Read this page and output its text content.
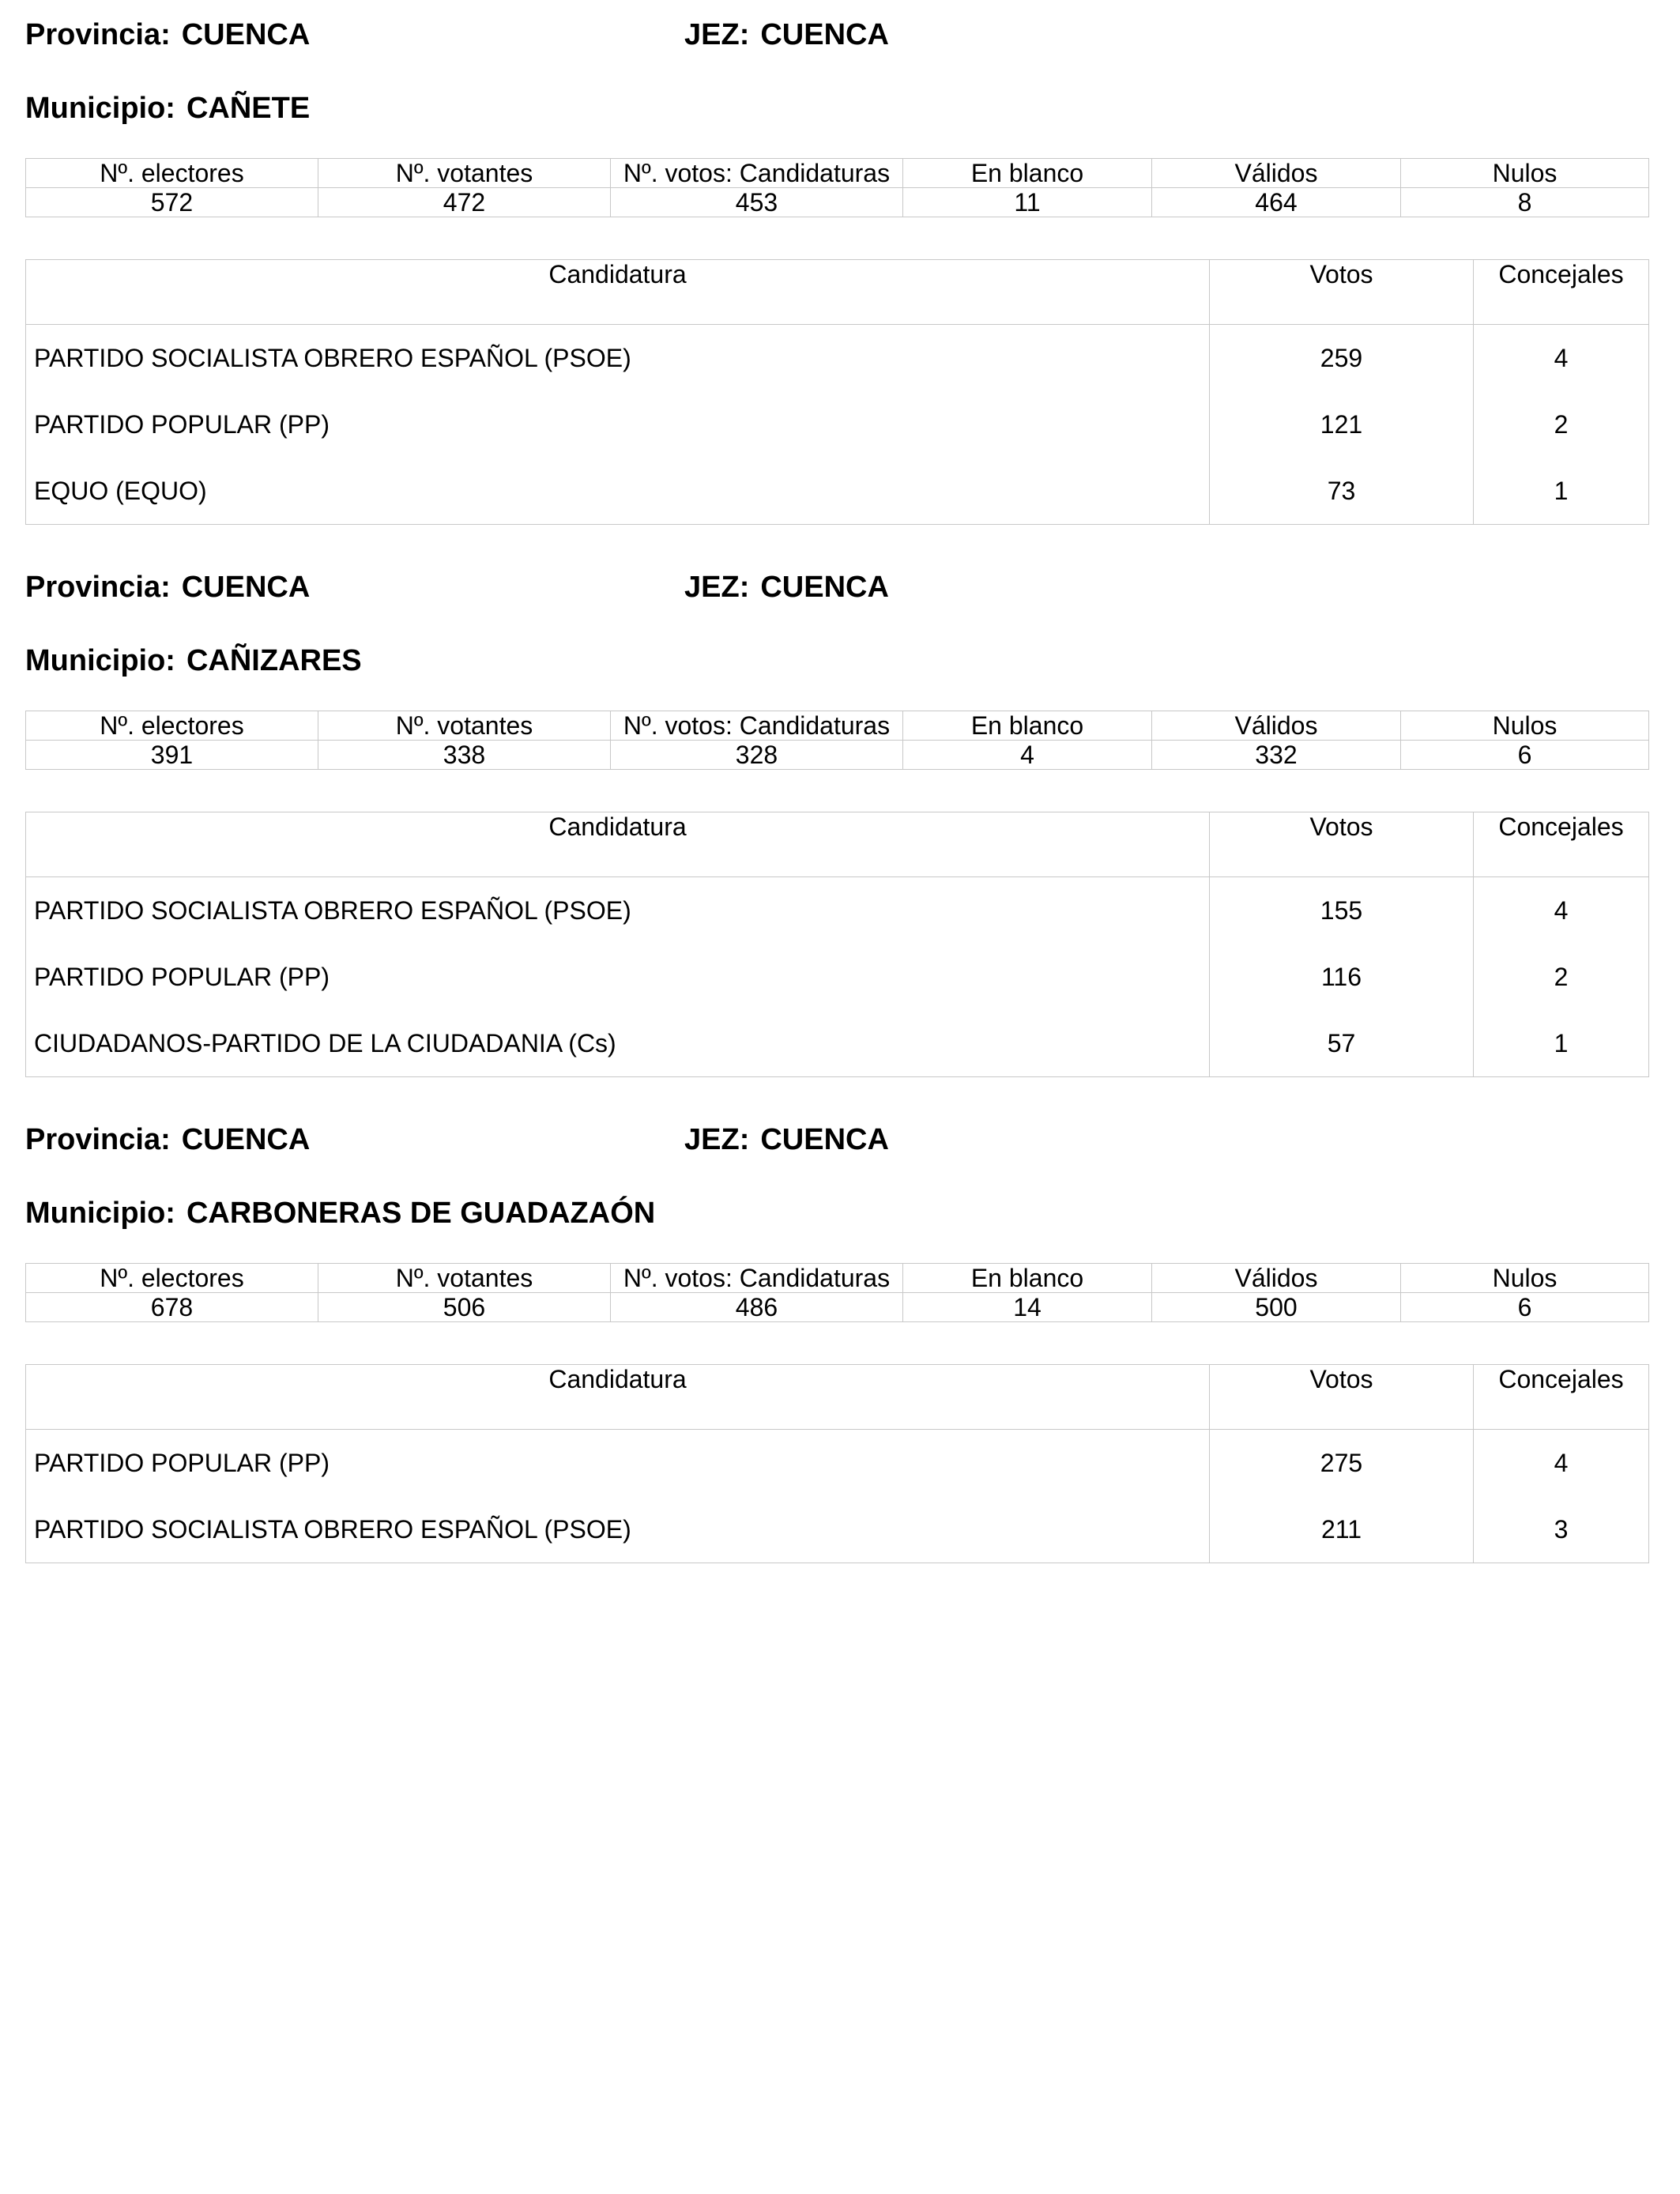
Provincia: CUENCA	JEZ: CUENCA
Municipio: CAÑETE
Nº. electores	Nº. votantes	Nº. votos: Candidaturas	En blanco	Válidos	Nulos
572	472	453	11	464	8
Candidatura	Votos	Concejales
PARTIDO SOCIALISTA OBRERO ESPAÑOL (PSOE)	259	4
PARTIDO POPULAR (PP)	121	2
EQUO (EQUO)	73	1
Provincia: CUENCA	JEZ: CUENCA
Municipio: CAÑIZARES
Nº. electores	Nº. votantes	Nº. votos: Candidaturas	En blanco	Válidos	Nulos
391	338	328	4	332	6
Candidatura	Votos	Concejales
PARTIDO SOCIALISTA OBRERO ESPAÑOL (PSOE)	155	4
PARTIDO POPULAR (PP)	116	2
CIUDADANOS-PARTIDO DE LA CIUDADANIA (Cs)	57	1
Provincia: CUENCA	JEZ: CUENCA
Municipio: CARBONERAS DE GUADAZAÓN
Nº. electores	Nº. votantes	Nº. votos: Candidaturas	En blanco	Válidos	Nulos
678	506	486	14	500	6
Candidatura	Votos	Concejales
PARTIDO POPULAR (PP)	275	4
PARTIDO SOCIALISTA OBRERO ESPAÑOL (PSOE)	211	3
